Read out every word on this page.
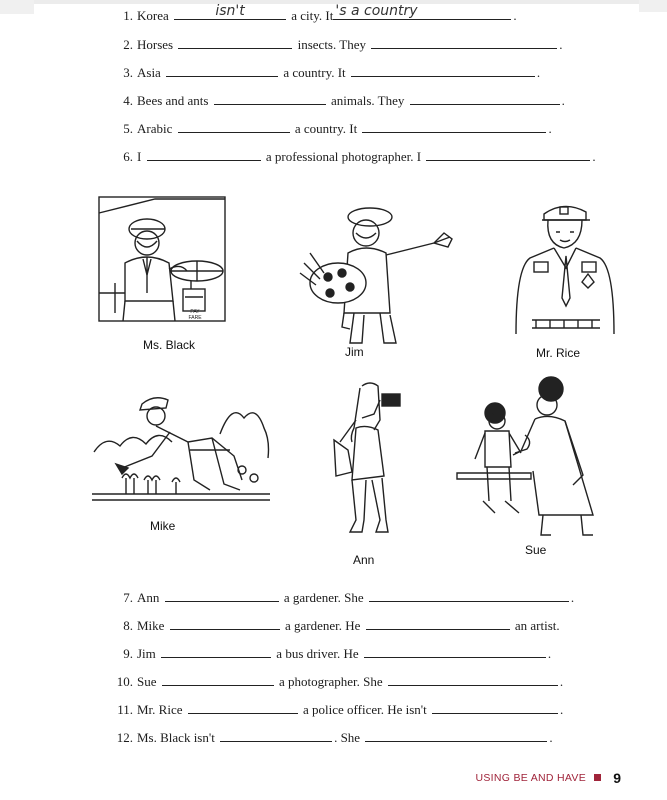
1. Korea	isn't	a city. It 's a country	.
2. Horses	insects. They	.
3. Asia	a country. It	.
4. Bees and ants	animals. They	.
5. Arabic	a country. It	.
6. I	a professional photographer. I	.
PAY FARE
Ms. Black	Jim	Mr. Rice
Mike
Ann
Sue
7. Ann	a gardener. She	.
8. Mike	a gardener. He	an artist.
9. Jim	a bus driver. He	.
10. Sue	a photographer. She	.
11. Mr. Rice	a police officer. He isn't	.
12. Ms. Black isn't	. She	.
USING BE AND HAVE	9
